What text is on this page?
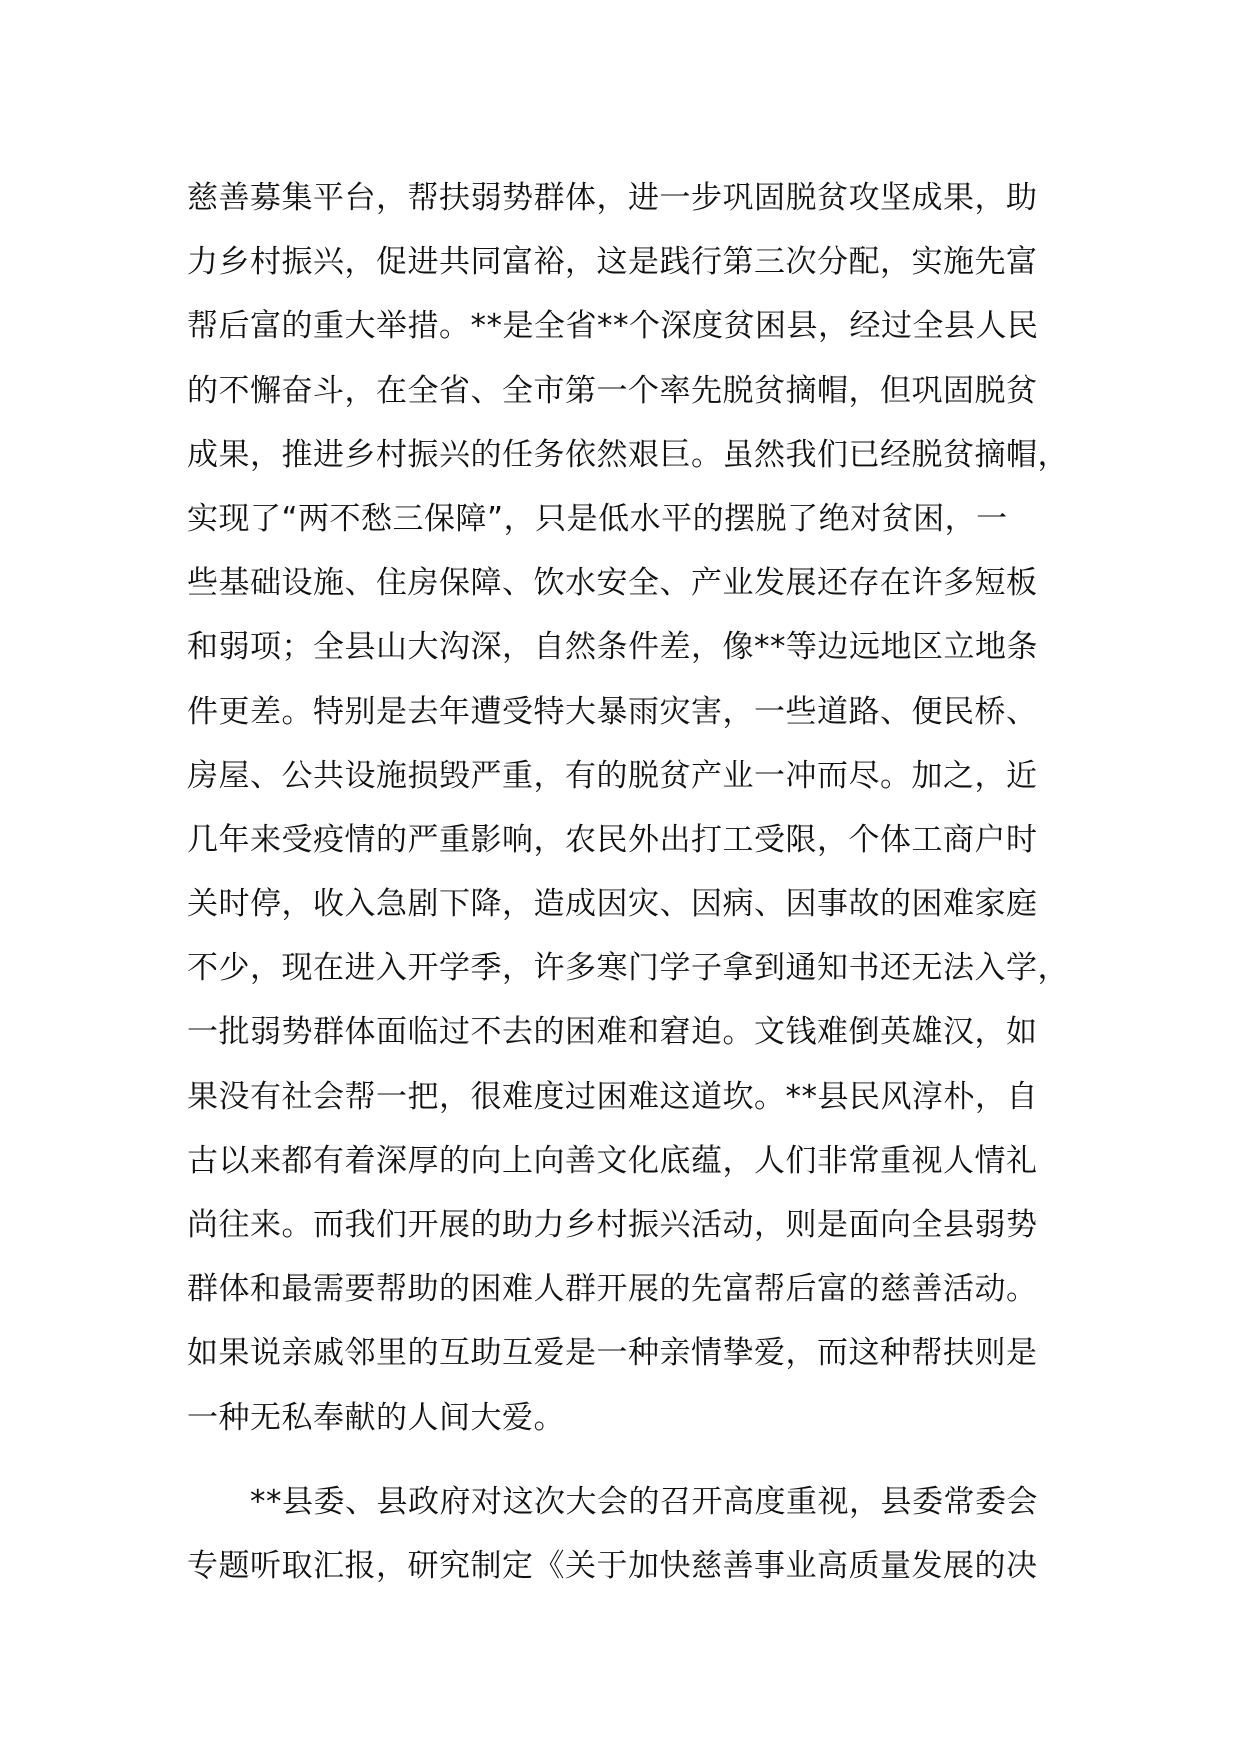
慈善募集平台，帮扶弱势群体，进一步巩固脱贫攻坚成果，助
力乡村振兴，促进共同富裕，这是践行第三次分配，实施先富
帮后富的重大举措。**是全省**个深度贫困县，经过全县人民
的不懈奋斗，在全省、全市第一个率先脱贫摘帽，但巩固脱贫
成果，推进乡村振兴的任务依然艰巨。虽然我们已经脱贫摘帽，
实现了“两不愁三保障”，只是低水平的摆脱了绝对贫困，一
些基础设施、住房保障、饮水安全、产业发展还存在许多短板
和弱项；全县山大沟深，自然条件差，像**等边远地区立地条
件更差。特别是去年遭受特大暴雨灾害，一些道路、便民桥、
房屋、公共设施损毁严重，有的脱贫产业一冲而尽。加之，近
几年来受疫情的严重影响，农民外出打工受限，个体工商户时
关时停，收入急剧下降，造成因灾、因病、因事故的困难家庭
不少，现在进入开学季，许多寒门学子拿到通知书还无法入学，
一批弱势群体面临过不去的困难和窘迫。文钱难倒英雄汉，如
果没有社会帮一把，很难度过困难这道坎。**县民风淳朴，自
古以来都有着深厚的向上向善文化底蕴，人们非常重视人情礼
尚往来。而我们开展的助力乡村振兴活动，则是面向全县弱势
群体和最需要帮助的困难人群开展的先富帮后富的慈善活动。
如果说亲戚邻里的互助互爱是一种亲情挚爱，而这种帮扶则是
一种无私奉献的人间大爱。
　　**县委、县政府对这次大会的召开高度重视，县委常委会
专题听取汇报，研究制定《关于加快慈善事业高质量发展的决
